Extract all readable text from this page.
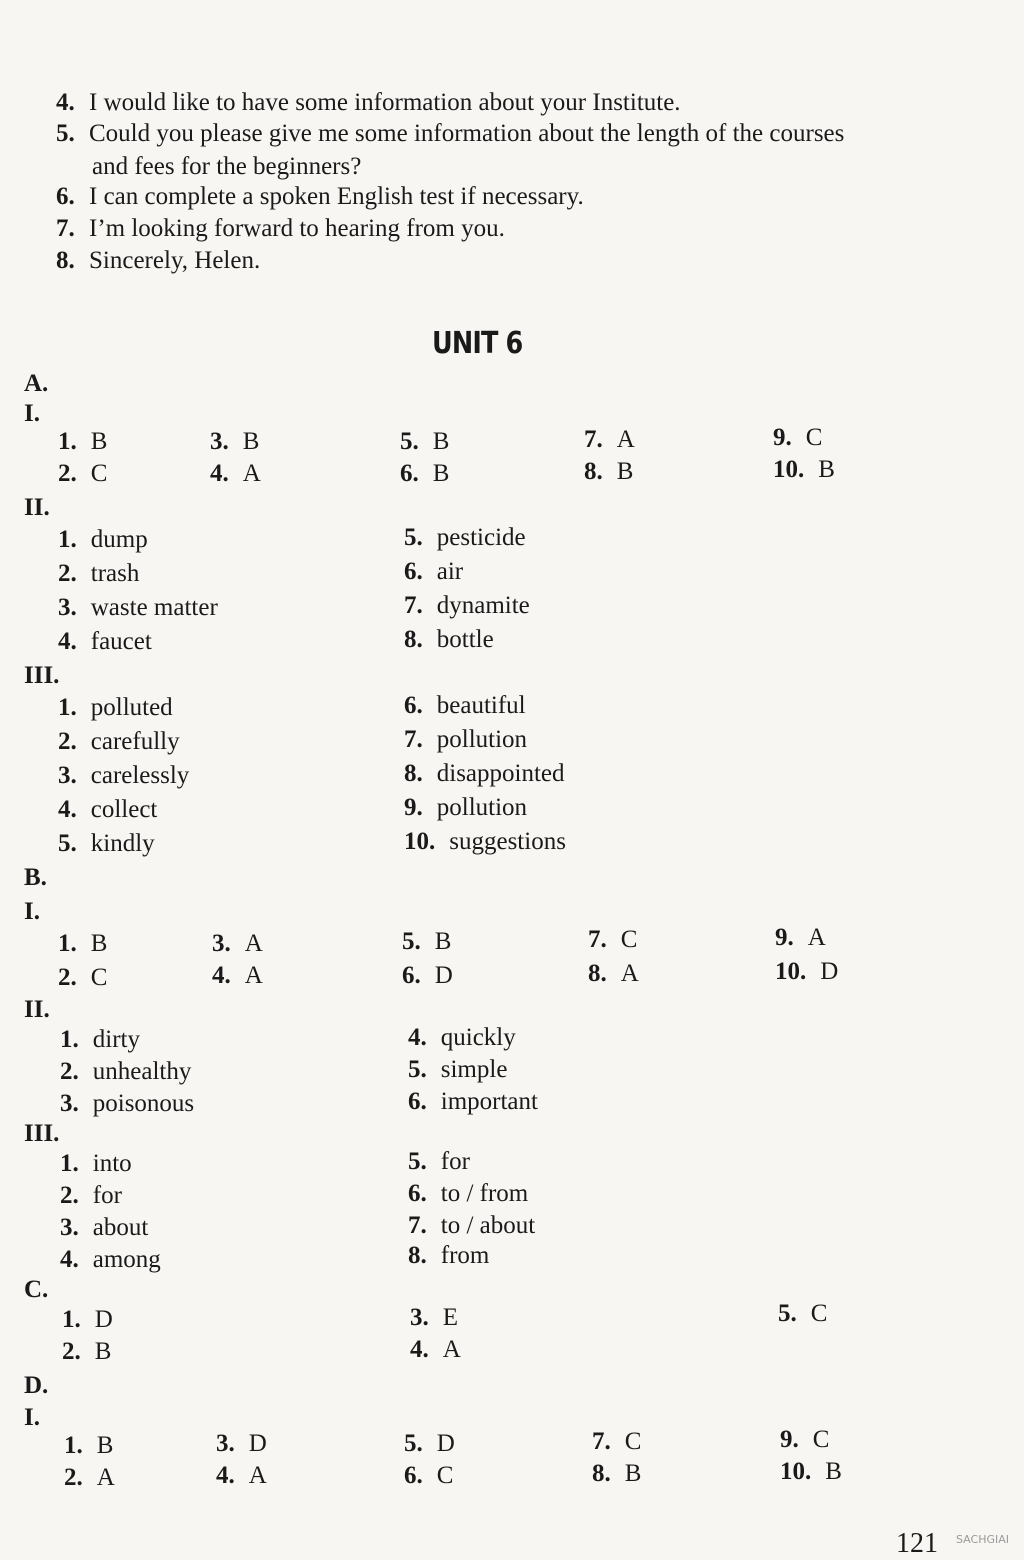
4. I would like to have some information about your Institute.
5. Could you please give me some information about the length of the courses
and fees for the beginners?
6. I can complete a spoken English test if necessary.
7. I’m looking forward to hearing from you.
8. Sincerely, Helen.
UNIT 6
A.
I.
II.
III.
B.
I.
II.
III.
C.
D.
I.
1. B
2. C
3. B
4. A
5. B
6. B
7. A
8. B
9. C
10. B
1. dump
2. trash
3. waste matter
4. faucet
5. pesticide
6. air
7. dynamite
8. bottle
1. polluted
2. carefully
3. carelessly
4. collect
5. kindly
6. beautiful
7. pollution
8. disappointed
9. pollution
10. suggestions
1. B
2. C
3. A
4. A
5. B
6. D
7. C
8. A
9. A
10. D
1. dirty
2. unhealthy
3. poisonous
4. quickly
5. simple
6. important
1. into
2. for
3. about
4. among
5. for
6. to / from
7. to / about
8. from
1. D
2. B
3. E
4. A
5. C
1. B
2. A
3. D
4. A
5. D
6. C
7. C
8. B
9. C
10. B
121 SACHGIAI
